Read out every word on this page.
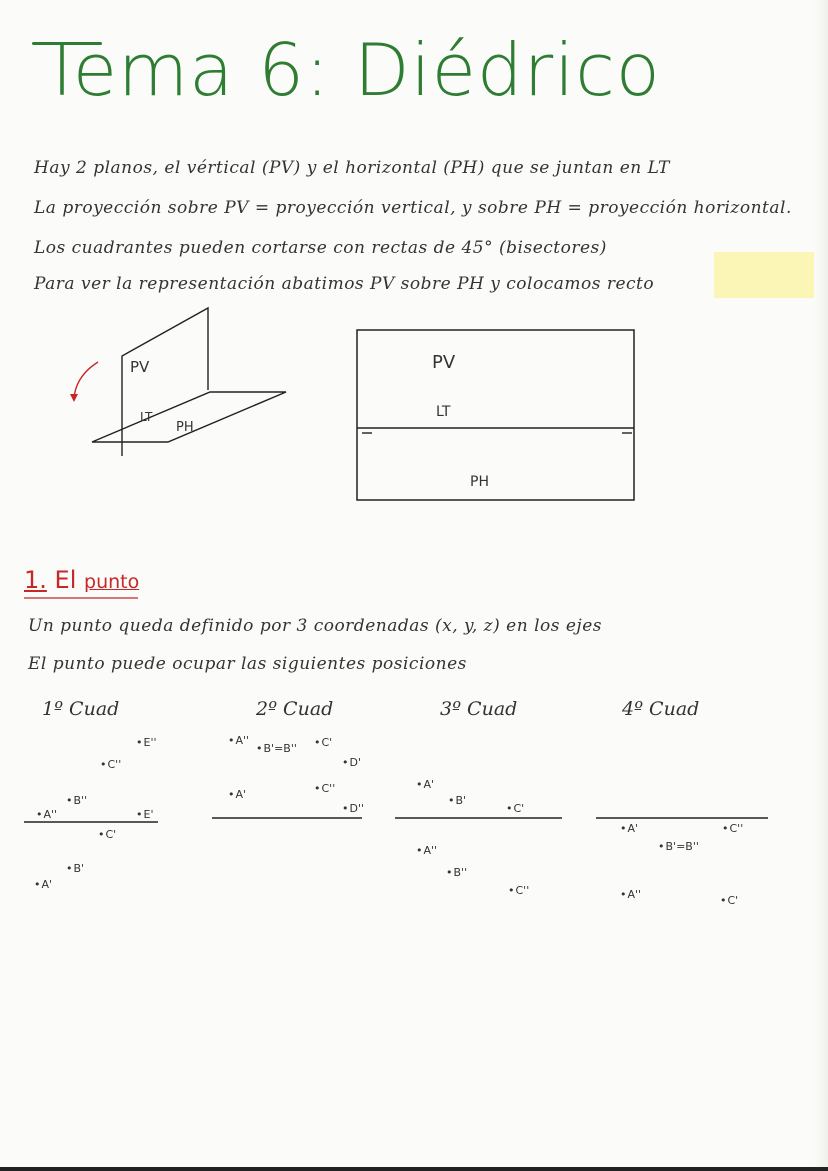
Tema 6: Diédrico
Hay 2 planos, el vértical (PV) y el horizontal (PH) que se juntan en LT
La proyección sobre PV = proyección vertical, y sobre PH = proyección horizontal.
Los cuadrantes pueden cortarse con rectas de 45° (bisectores)
Para ver la representación abatimos PV sobre PH y colocamos recto
PV
LT
PH
PV
LT
PH
1. El punto
Un punto queda definido por 3 coordenadas (x, y, z) en los ejes
El punto puede ocupar las siguientes posiciones
1º Cuad	2º Cuad	3º Cuad	4º Cuad
• E''
• C''
• B''
• A''	• E'
• C'
• B'
• A'
• A''
• B'=B''	• C'
• D'
• A'	• C''
• D''
• A'
• B'
• C'
• A''
• B''
• C''
• A'	• C''
• B'=B''
• A''	• C'
